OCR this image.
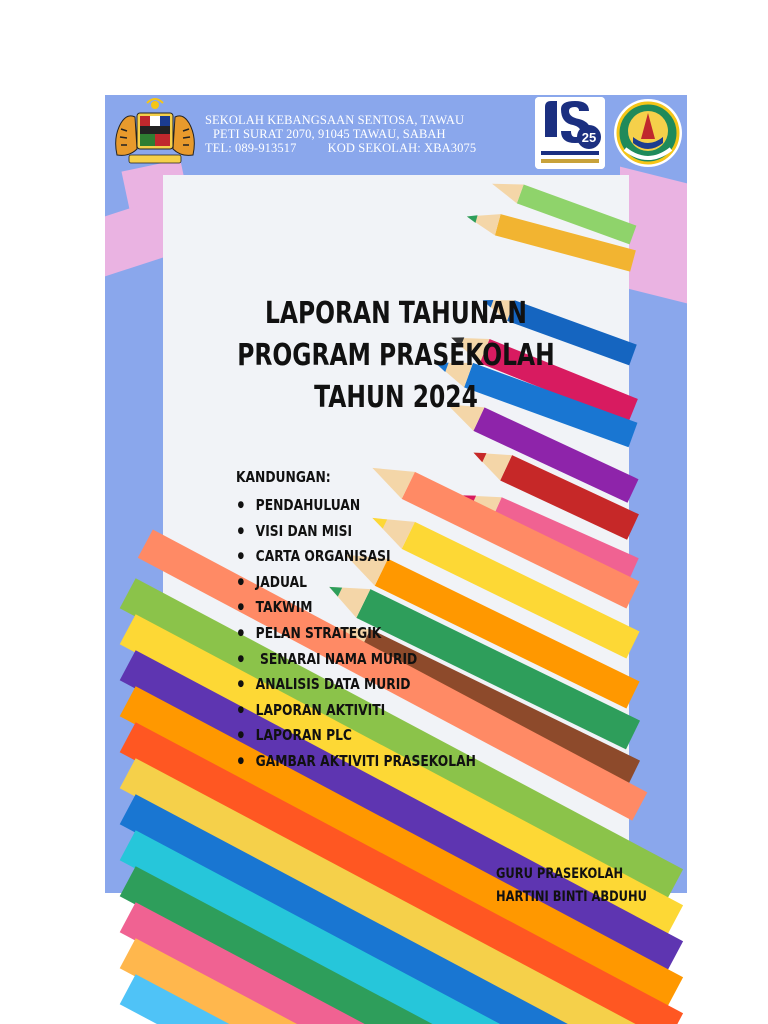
SEKOLAH KEBANGSAAN SENTOSA, TAWAU
PETI SURAT 2070, 91045 TAWAU, SABAH
TEL: 089-913517 KOD SEKOLAH: XBA3075
25
LAPORAN TAHUNAN
PROGRAM PRASEKOLAH
TAHUN 2024
KANDUNGAN:
● PENDAHULUAN
● VISI DAN MISI
● CARTA ORGANISASI
● JADUAL
● TAKWIM
● PELAN STRATEGIK
●  SENARAI NAMA MURID
● ANALISIS DATA MURID
● LAPORAN AKTIVITI
● LAPORAN PLC
● GAMBAR AKTIVITI PRASEKOLAH
GURU PRASEKOLAH
HARTINI BINTI ABDUHU
